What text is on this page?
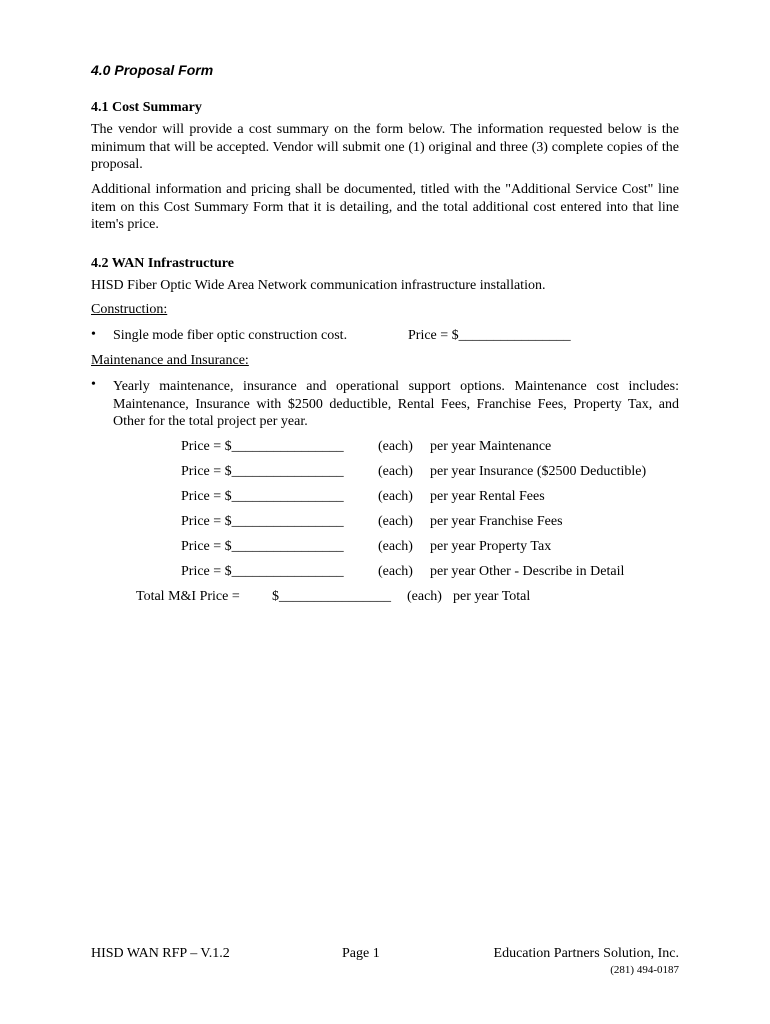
4.0 Proposal Form
4.1 Cost Summary
The vendor will provide a cost summary on the form below. The information requested below is the minimum that will be accepted. Vendor will submit one (1) original and three (3) complete copies of the proposal.
Additional information and pricing shall be documented, titled with the "Additional Service Cost" line item on this Cost Summary Form that it is detailing, and the total additional cost entered into that line item's price.
4.2 WAN Infrastructure
HISD Fiber Optic Wide Area Network communication infrastructure installation.
Construction:
• Single mode fiber optic construction cost.	Price = $________________
Maintenance and Insurance:
• Yearly maintenance, insurance and operational support options. Maintenance cost includes: Maintenance, Insurance with $2500 deductible, Rental Fees, Franchise Fees, Property Tax, and Other for the total project per year.
Price = $________________ (each) per year Maintenance
Price = $________________ (each) per year Insurance ($2500 Deductible)
Price = $________________ (each) per year Rental Fees
Price = $________________ (each) per year Franchise Fees
Price = $________________ (each) per year Property Tax
Price = $________________ (each) per year Other - Describe in Detail
Total M&I Price = $________________ (each) per year Total
HISD WAN RFP – V.1.2	Page 1	Education Partners Solution, Inc.
(281) 494-0187
